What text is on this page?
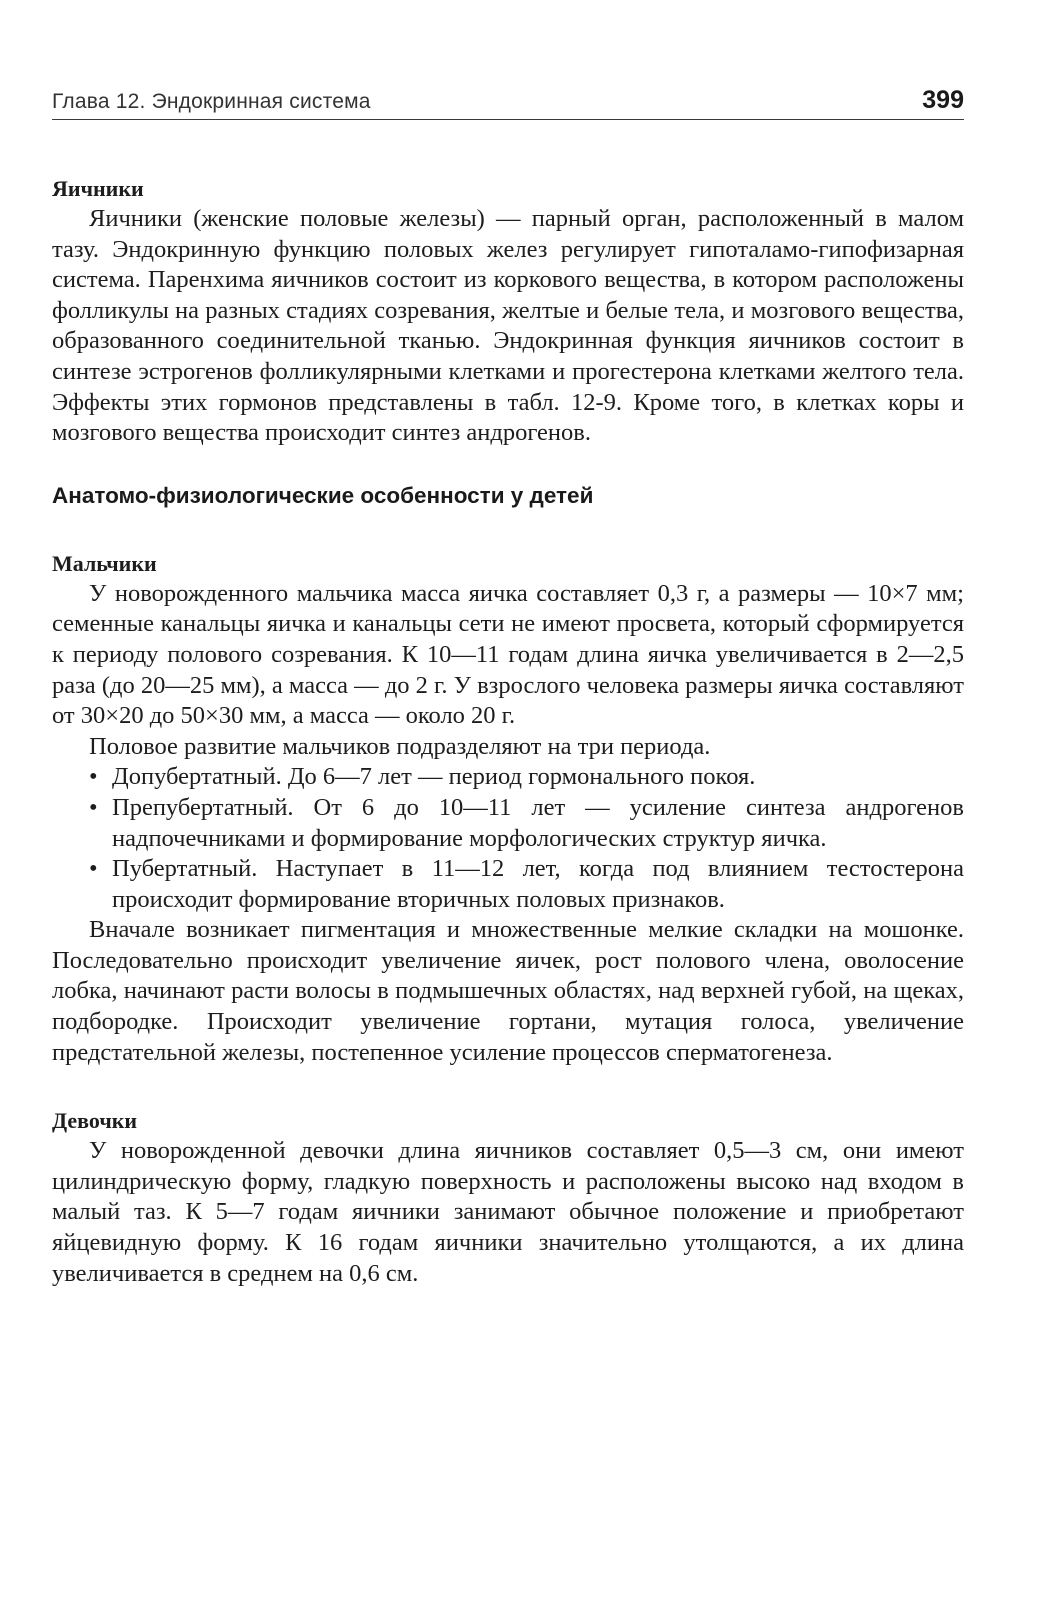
Глава 12. Эндокринная система	399

Яичники

Яичники (женские половые железы) — парный орган, расположенный в малом тазу. Эндокринную функцию половых желез регулирует гипоталамо-гипофизарная система. Паренхима яичников состоит из коркового вещества, в котором расположены фолликулы на разных стадиях созревания, желтые и белые тела, и мозгового вещества, образованного соединительной тканью. Эндокринная функция яичников состоит в синтезе эстрогенов фолликулярными клетками и прогестерона клетками желтого тела. Эффекты этих гормонов представлены в табл. 12-9. Кроме того, в клетках коры и мозгового вещества происходит синтез андрогенов.

Анатомо-физиологические особенности у детей

Мальчики

У новорожденного мальчика масса яичка составляет 0,3 г, а размеры — 10×7 мм; семенные канальцы яичка и канальцы сети не имеют просвета, который сформируется к периоду полового созревания. К 10—11 годам длина яичка увеличивается в 2—2,5 раза (до 20—25 мм), а масса — до 2 г. У взрослого человека размеры яичка составляют от 30×20 до 50×30 мм, а масса — около 20 г.

Половое развитие мальчиков подразделяют на три периода.

• Допубертатный. До 6—7 лет — период гормонального покоя.
• Препубертатный. От 6 до 10—11 лет — усиление синтеза андрогенов надпочечниками и формирование морфологических структур яичка.
• Пубертатный. Наступает в 11—12 лет, когда под влиянием тестостерона происходит формирование вторичных половых признаков.

Вначале возникает пигментация и множественные мелкие складки на мошонке. Последовательно происходит увеличение яичек, рост полового члена, оволосение лобка, начинают расти волосы в подмышечных областях, над верхней губой, на щеках, подбородке. Происходит увеличение гортани, мутация голоса, увеличение предстательной железы, постепенное усиление процессов сперматогенеза.

Девочки

У новорожденной девочки длина яичников составляет 0,5—3 см, они имеют цилиндрическую форму, гладкую поверхность и расположены высоко над входом в малый таз. К 5—7 годам яичники занимают обычное положение и приобретают яйцевидную форму. К 16 годам яичники значительно утолщаются, а их длина увеличивается в среднем на 0,6 см.
